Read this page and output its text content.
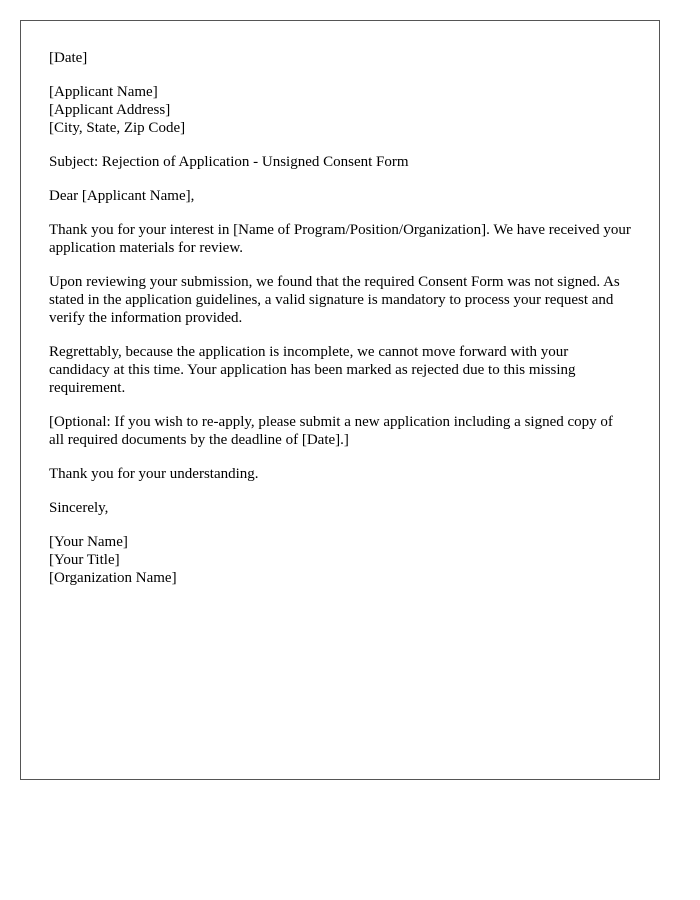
[Date]
[Applicant Name]
[Applicant Address]
[City, State, Zip Code]
Subject: Rejection of Application - Unsigned Consent Form
Dear [Applicant Name],
Thank you for your interest in [Name of Program/Position/Organization]. We have received your application materials for review.
Upon reviewing your submission, we found that the required Consent Form was not signed. As stated in the application guidelines, a valid signature is mandatory to process your request and verify the information provided.
Regrettably, because the application is incomplete, we cannot move forward with your candidacy at this time. Your application has been marked as rejected due to this missing requirement.
[Optional: If you wish to re-apply, please submit a new application including a signed copy of all required documents by the deadline of [Date].]
Thank you for your understanding.
Sincerely,
[Your Name]
[Your Title]
[Organization Name]
